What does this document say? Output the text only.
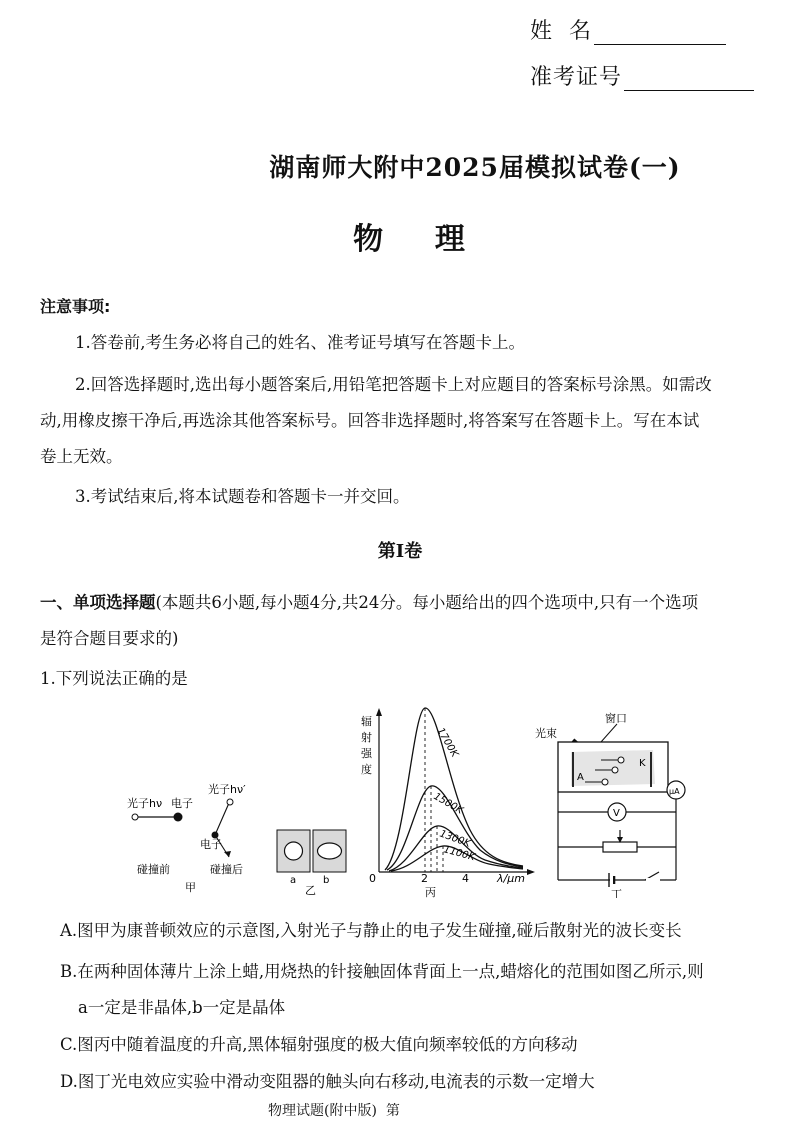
姓  名
准考证号
湖南师大附中2025届模拟试卷(一)
物    理
注意事项:
1.答卷前,考生务必将自己的姓名、准考证号填写在答题卡上。
2.回答选择题时,选出每小题答案后,用铅笔把答题卡上对应题目的答案标号涂黑。如需改
动,用橡皮擦干净后,再选涂其他答案标号。回答非选择题时,将答案写在答题卡上。写在本试
卷上无效。
3.考试结束后,将本试题卷和答题卡一并交回。
第Ⅰ卷
一、单项选择题(本题共6小题,每小题4分,共24分。每小题给出的四个选项中,只有一个选项
是符合题目要求的)
1.下列说法正确的是
光子hν 电子
光子hν′
电子
碰撞前	碰撞后
甲
a	b
乙
辐
射
强
度
1700K
1500K
1300K
1100K
0	2	4	λ/μm
丙
光束
窗口
A
K
μA
V
丁
A.图甲为康普顿效应的示意图,入射光子与静止的电子发生碰撞,碰后散射光的波长变长
B.在两种固体薄片上涂上蜡,用烧热的针接触固体背面上一点,蜡熔化的范围如图乙所示,则
a一定是非晶体,b一定是晶体
C.图丙中随着温度的升高,黑体辐射强度的极大值向频率较低的方向移动
D.图丁光电效应实验中滑动变阻器的触头向右移动,电流表的示数一定增大
物理试题(附中版)  第
